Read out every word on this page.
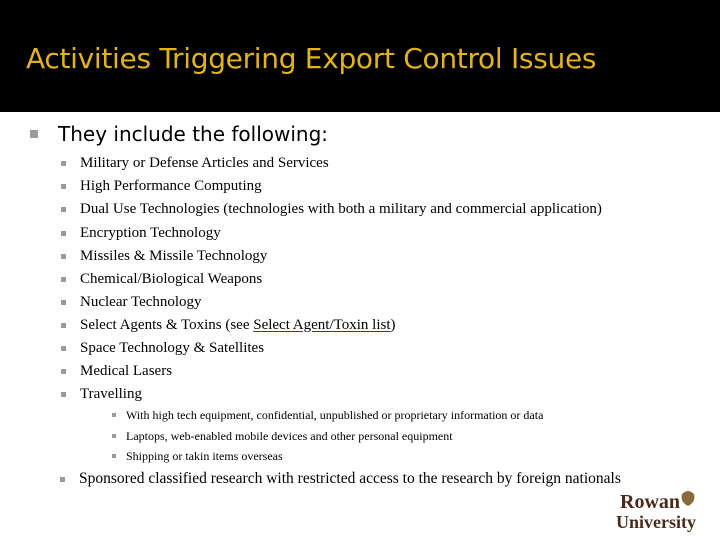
Activities Triggering Export Control Issues
They include the following:
Military or Defense Articles and Services
High Performance Computing
Dual Use Technologies (technologies with both a military and commercial application)
Encryption Technology
Missiles & Missile Technology
Chemical/Biological Weapons
Nuclear Technology
Select Agents & Toxins (see
Select Agent/Toxin list )
Space Technology & Satellites
Medical Lasers
Travelling
With high tech equipment, confidential, unpublished or proprietary information or data
Laptops, web-enabled mobile devices and other personal equipment
Shipping or takin items overseas
Sponsored classified research with restricted access to the research by foreign nationals
Rowan
University
